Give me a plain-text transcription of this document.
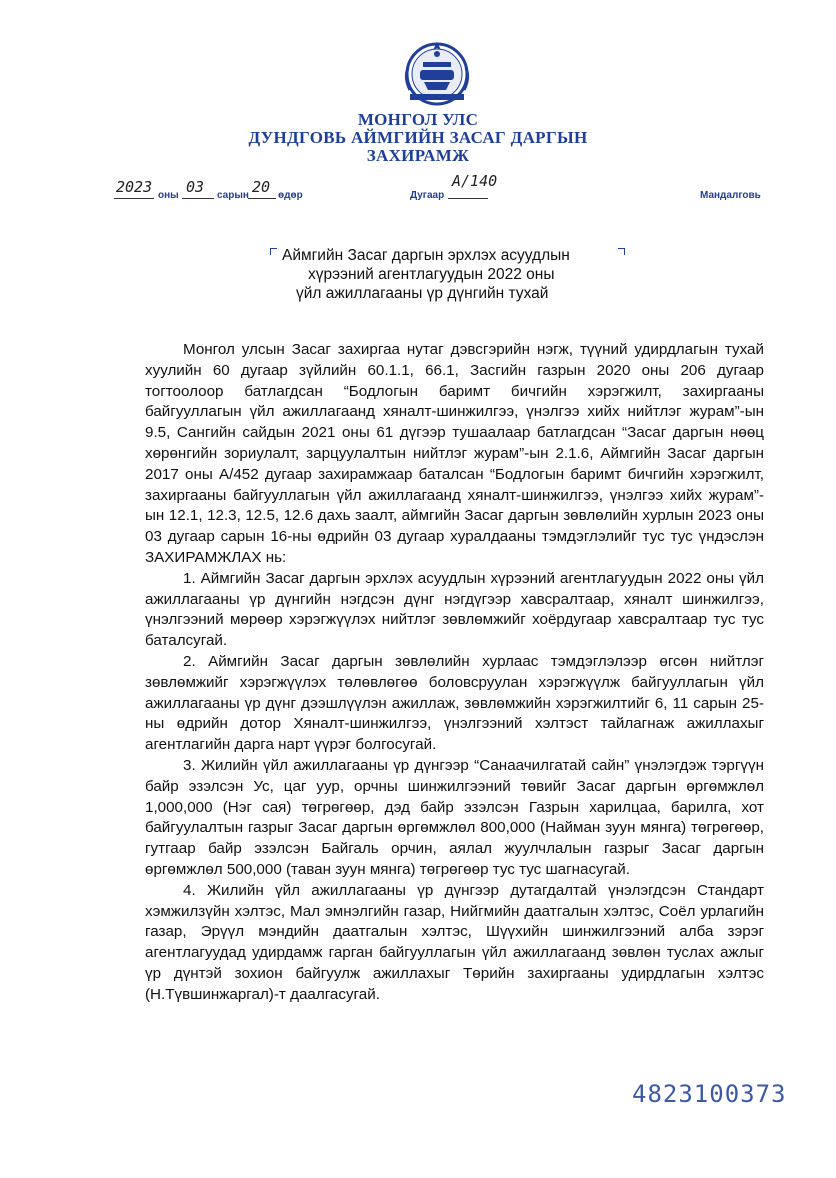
МОНГОЛ УЛС
ДУНДГОВЬ АЙМГИЙН ЗАСАГ ДАРГЫН
ЗАХИРАМЖ
2023 оны 03 сарын 20 өдөр	Дугаар
А/140
Мандалговь
Аймгийн Засаг даргын эрхлэх асуудлын
хүрээний агентлагуудын 2022 оны
үйл ажиллагааны үр дүнгийн тухай

Монгол улсын Засаг захиргаа нутаг дэвсгэрийн нэгж, түүний удирдлагын тухай хуулийн 60 дугаар зүйлийн 60.1.1, 66.1, Засгийн газрын 2020 оны 206 дугаар тогтоолоор батлагдсан “Бодлогын баримт бичгийн хэрэгжилт, захиргааны байгууллагын үйл ажиллагаанд хяналт-шинжилгээ, үнэлгээ хийх нийтлэг журам”-ын 9.5, Сангийн сайдын 2021 оны 61 дүгээр тушаалаар батлагдсан “Засаг даргын нөөц хөрөнгийн зориулалт, зарцуулалтын нийтлэг журам”-ын 2.1.6, Аймгийн Засаг даргын 2017 оны А/452 дугаар захирамжаар баталсан “Бодлогын баримт бичгийн хэрэгжилт, захиргааны байгууллагын үйл ажиллагаанд хяналт-шинжилгээ, үнэлгээ хийх журам”-ын 12.1, 12.3, 12.5, 12.6 дахь заалт, аймгийн Засаг даргын зөвлөлийн хурлын 2023 оны 03 дугаар сарын 16-ны өдрийн 03 дугаар хуралдааны тэмдэглэлийг тус тус үндэслэн ЗАХИРАМЖЛАХ нь:

1. Аймгийн Засаг даргын эрхлэх асуудлын хүрээний агентлагуудын 2022 оны үйл ажиллагааны үр дүнгийн нэгдсэн дүнг нэгдүгээр хавсралтаар, хяналт шинжилгээ, үнэлгээний мөрөөр хэрэгжүүлэх нийтлэг зөвлөмжийг хоёрдугаар хавсралтаар тус тус баталсугай.

2. Аймгийн Засаг даргын зөвлөлийн хурлаас тэмдэглэлээр өгсөн нийтлэг зөвлөмжийг хэрэгжүүлэх төлөвлөгөө боловсруулан хэрэгжүүлж байгууллагын үйл ажиллагааны үр дүнг дээшлүүлэн ажиллаж, зөвлөмжийн хэрэгжилтийг 6, 11 сарын 25-ны өдрийн дотор Хяналт-шинжилгээ, үнэлгээний хэлтэст тайлагнаж ажиллахыг агентлагийн дарга нарт үүрэг болгосугай.

3. Жилийн үйл ажиллагааны үр дүнгээр “Санаачилгатай сайн” үнэлэгдэж тэргүүн байр эзэлсэн Ус, цаг уур, орчны шинжилгээний төвийг Засаг даргын өргөмжлөл 1,000,000 (Нэг сая) төгрөгөөр, дэд байр эзэлсэн Газрын харилцаа, барилга, хот байгуулалтын газрыг Засаг даргын өргөмжлөл 800,000 (Найман зуун мянга) төгрөгөөр, гутгаар байр эзэлсэн Байгаль орчин, аялал жуулчлалын газрыг Засаг даргын өргөмжлөл 500,000 (таван зуун мянга) төгрөгөөр тус тус шагнасугай.

4. Жилийн үйл ажиллагааны үр дүнгээр дутагдалтай үнэлэгдсэн Стандарт хэмжилзүйн хэлтэс, Мал эмнэлгийн газар, Нийгмийн даатгалын хэлтэс, Соёл урлагийн газар, Эрүүл мэндийн даатгалын хэлтэс, Шүүхийн шинжилгээний алба зэрэг агентлагуудад удирдамж гарган байгууллагын үйл ажиллагаанд зөвлөн туслах ажлыг үр дүнтэй зохион байгуулж ажиллахыг Төрийн захиргааны удирдлагын хэлтэс (Н.Түвшинжаргал)-т даалгасугай.

4823100373
